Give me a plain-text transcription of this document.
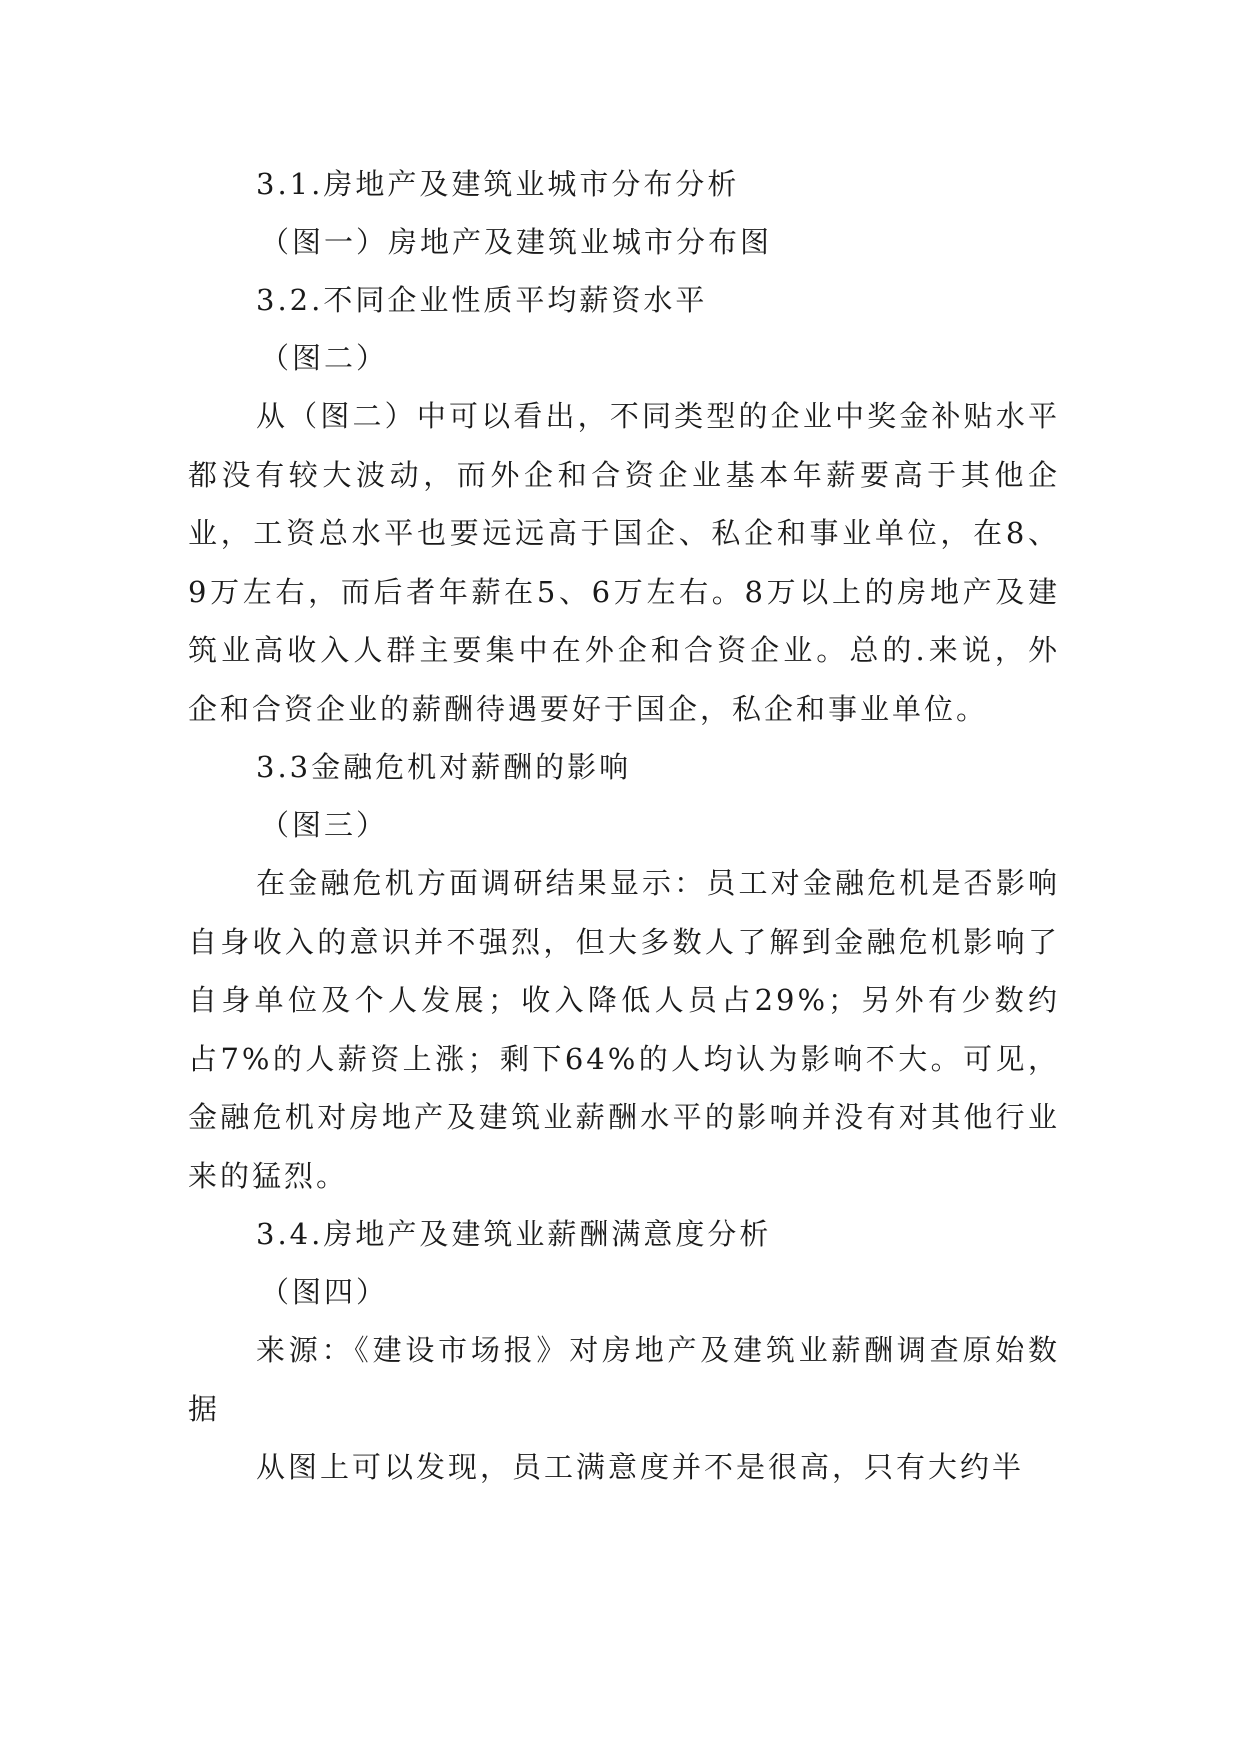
3.1.房地产及建筑业城市分布分析
（图一）房地产及建筑业城市分布图
3.2.不同企业性质平均薪资水平
（图二）

从（图二）中可以看出，不同类型的企业中奖金补贴水平都没有较大波动，而外企和合资企业基本年薪要高于其他企业，工资总水平也要远远高于国企、私企和事业单位，在8、9万左右，而后者年薪在5、6万左右。8万以上的房地产及建筑业高收入人群主要集中在外企和合资企业。总的.来说，外企和合资企业的薪酬待遇要好于国企，私企和事业单位。

3.3金融危机对薪酬的影响
（图三）

在金融危机方面调研结果显示：员工对金融危机是否影响自身收入的意识并不强烈，但大多数人了解到金融危机影响了自身单位及个人发展；收入降低人员占29%；另外有少数约占7%的人薪资上涨；剩下64%的人均认为影响不大。可见，金融危机对房地产及建筑业薪酬水平的影响并没有对其他行业来的猛烈。

3.4.房地产及建筑业薪酬满意度分析
（图四）

来源：《建设市场报》对房地产及建筑业薪酬调查原始数据

从图上可以发现，员工满意度并不是很高，只有大约半
